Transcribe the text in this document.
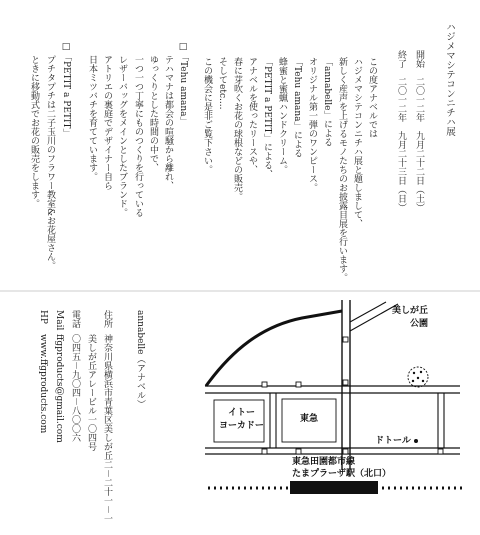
ハジメマシテコンニチハ展
開始　二〇一二年　九月二十二日（土）
終了　二〇一二年　九月二十三日（日）
この度アナベルでは
ハジメマシテコンニチハ展と題しまして、
新しく産声を上げるモノたちのお披露目展を行います。
「annabelle」による
オリジナル第一弾のワンピース。
「Tehu amana」による
蜂蜜と蜜蝋ハンドクリーム。
「PETIT a PETIT」による、
アナベルを使ったリースや、
春に芽吹くお花の球根などの販売。
そしてetc....
この機会に是非ご覧下さい。
□「Tehu amana」
テハマナは都会の喧騒から離れ、
ゆっくりとした時間の中で、
一つ一つ丁寧にものつくりを行っている
レザーバッグをメインとしたブランド。
アトリエの裏庭でデザイナー自ら
日本ミツバチを育てています。
□「PETIT a PETIT」
プチタプチは二子玉川のフラワー教室&お花屋さん。
ときに移動式でお花の販売をします。
美しが丘
公園
イトー
ヨーカドー
東急
ドトール
東急田園都市線
たまプラーザ駅（北口）
annabelle（アナベル）
住所
神奈川県横浜市青葉区美しが丘二－二十一－一
美しが丘アレービル一〇四号
電話
〇四五－九〇四－八〇〇六
Mail
ffgproducts@gmail.com
HP
www.ffgproducts.com
